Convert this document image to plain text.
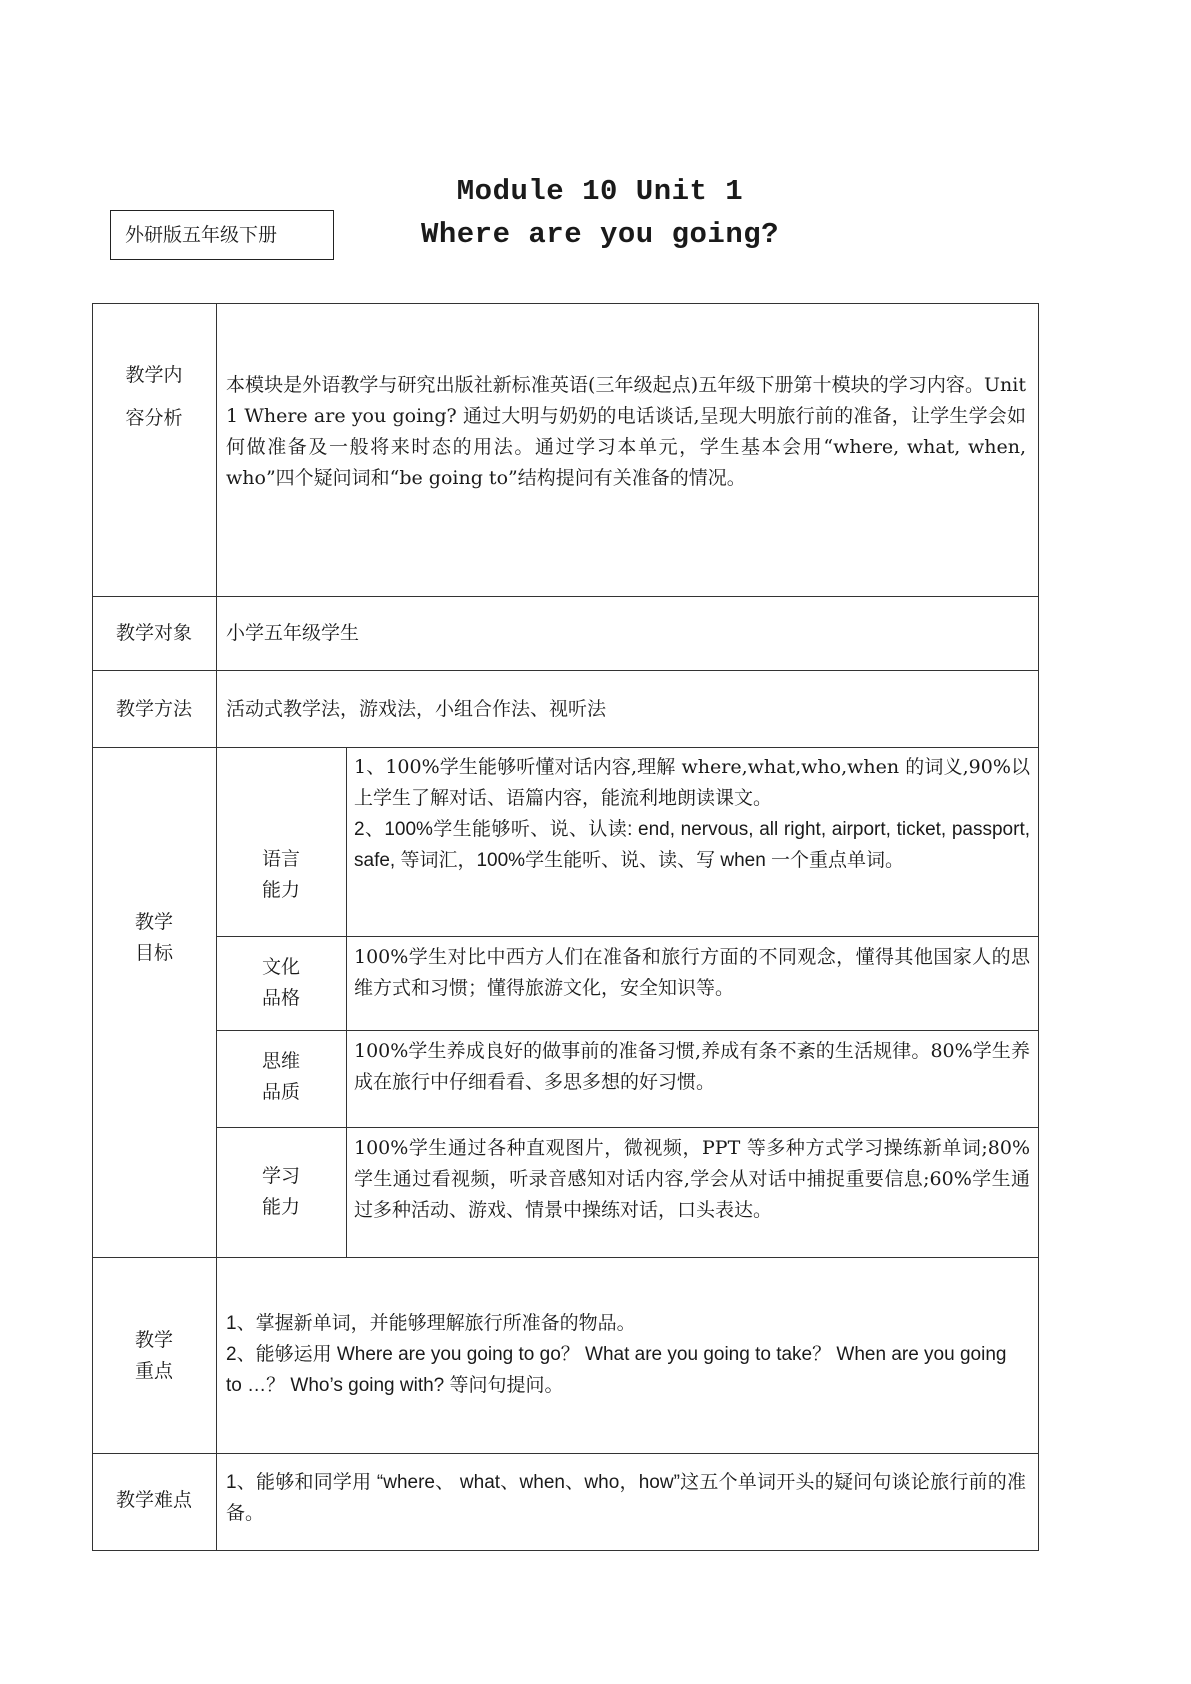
Module 10 Unit 1
Where are you going?
外研版五年级下册
教学内
容分析
本模块是外语教学与研究出版社新标准英语(三年级起点)五年级下册第十模块的学习内容。Unit 1 Where are you going? 通过大明与奶奶的电话谈话,呈现大明旅行前的准备，让学生学会如何做准备及一般将来时态的用法。通过学习本单元，学生基本会用“where, what, when, who”四个疑问词和“be going to”结构提问有关准备的情况。
教学对象	小学五年级学生
教学方法	活动式教学法，游戏法，小组合作法、视听法
教学
目标
语言
能力

1、100%学生能够听懂对话内容,理解 where,what,who,when 的词义,90%以上学生了解对话、语篇内容，能流利地朗读课文。

2、100%学生能够听、说、认读: end, nervous, all right, airport, ticket, passport, safe, 等词汇，100%学生能听、说、读、写 when 一个重点单词。

文化
品格

100%学生对比中西方人们在准备和旅行方面的不同观念，懂得其他国家人的思维方式和习惯；懂得旅游文化，安全知识等。

思维
品质

100%学生养成良好的做事前的准备习惯,养成有条不紊的生活规律。80%学生养成在旅行中仔细看看、多思多想的好习惯。

学习
能力

100%学生通过各种直观图片，微视频，PPT 等多种方式学习操练新单词;80%学生通过看视频，听录音感知对话内容,学会从对话中捕捉重要信息;60%学生通过多种活动、游戏、情景中操练对话，口头表达。

教学
重点

1、掌握新单词，并能够理解旅行所准备的物品。

2、能够运用 Where are you going to go？ What are you going to take？ When are you going to …？ Who’s going with? 等问句提问。

教学难点
1、能够和同学用 “where、 what、when、who，how”这五个单词开头的疑问句谈论旅行前的准备。
